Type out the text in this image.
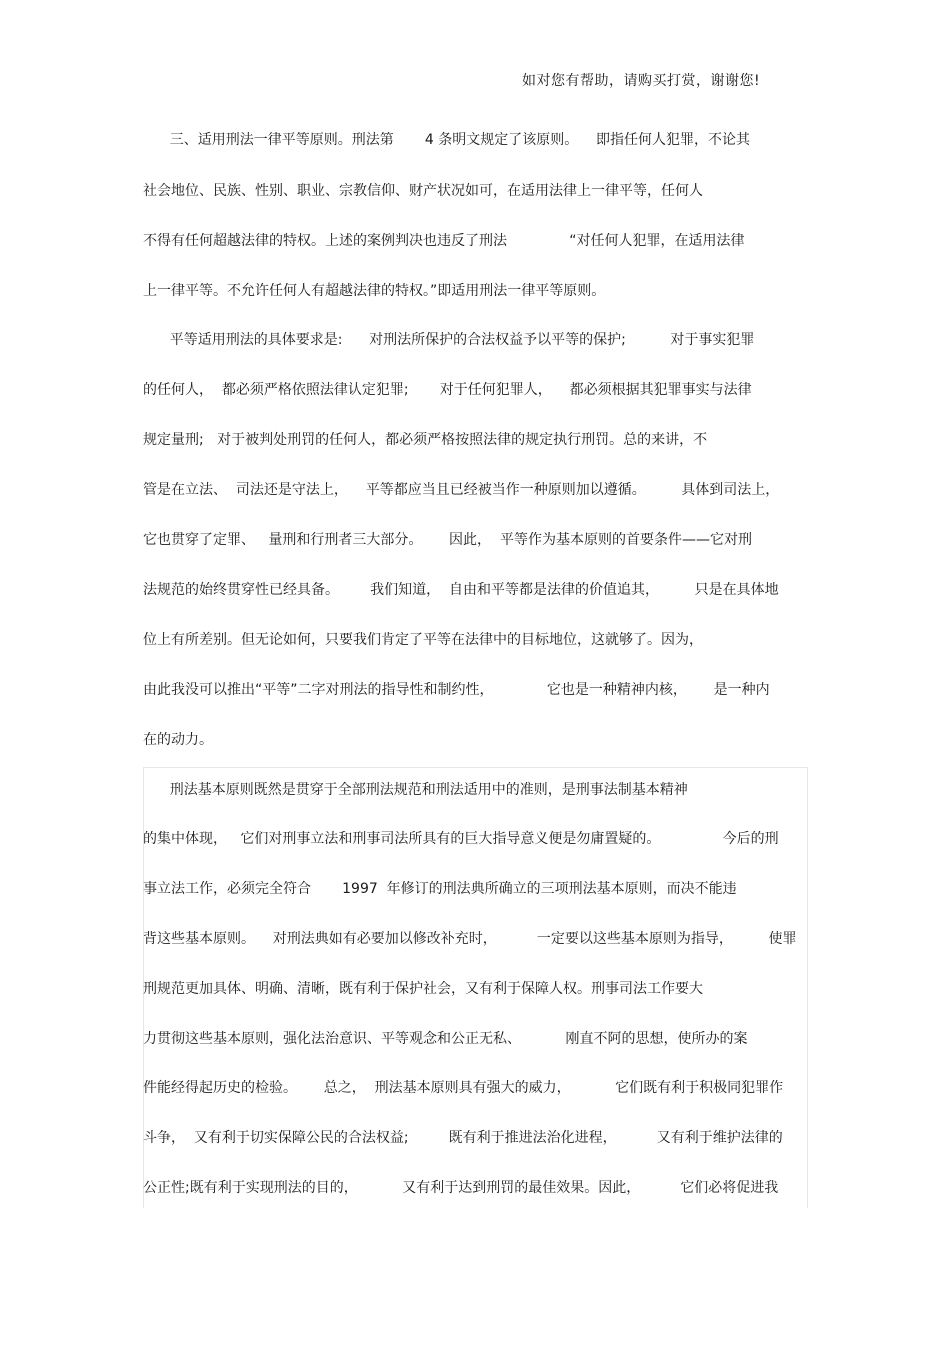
如对您有帮助，请购买打赏，谢谢您!
三、适用刑法一律平等原则。刑法第       4 条明文规定了该原则。    即指任何人犯罪，不论其
社会地位、民族、性别、职业、宗教信仰、财产状况如可，在适用法律上一律平等，任何人
不得有任何超越法律的特权。上述的案例判决也违反了刑法              “对任何人犯罪，在适用法律
上一律平等。不允许任何人有超越法律的特权。”即适用刑法一律平等原则。
平等适用刑法的具体要求是:      对刑法所保护的合法权益予以平等的保护;          对于事实犯罪
的任何人，  都必须严格依照法律认定犯罪;       对于任何犯罪人，    都必须根据其犯罪事实与法律
规定量刑;   对于被判处刑罚的任何人，都必须严格按照法律的规定执行刑罚。总的来讲，不
管是在立法、  司法还是守法上，    平等都应当且已经被当作一种原则加以遵循。        具体到司法上，
它也贯穿了定罪、   量刑和行刑者三大部分。      因此，  平等作为基本原则的首要条件——它对刑
法规范的始终贯穿性已经具备。       我们知道，  自由和平等都是法律的价值追其，        只是在具体地
位上有所差别。但无论如何，只要我们肯定了平等在法律中的目标地位，这就够了。因为，
由此我没可以推出“平等”二字对刑法的指导性和制约性，            它也是一种精神内核，      是一种内
在的动力。
刑法基本原则既然是贯穿于全部刑法规范和刑法适用中的准则，是刑事法制基本精神
的集中体现，   它们对刑事立法和刑事司法所具有的巨大指导意义便是勿庸置疑的。              今后的刑
事立法工作，必须完全符合       1997  年修订的刑法典所确立的三项刑法基本原则，而决不能违
背这些基本原则。    对刑法典如有必要加以修改补充时，         一定要以这些基本原则为指导，        使罪
刑规范更加具体、明确、清晰，既有利于保护社会，又有利于保障人权。刑事司法工作要大
力贯彻这些基本原则，强化法治意识、平等观念和公正无私、          刚直不阿的思想，使所办的案
件能经得起历史的检验。      总之，  刑法基本原则具有强大的威力，          它们既有利于积极同犯罪作
斗争，  又有利于切实保障公民的合法权益;         既有利于推进法治化进程，         又有利于维护法律的
公正性;既有利于实现刑法的目的，          又有利于达到刑罚的最佳效果。因此，         它们必将促进我
